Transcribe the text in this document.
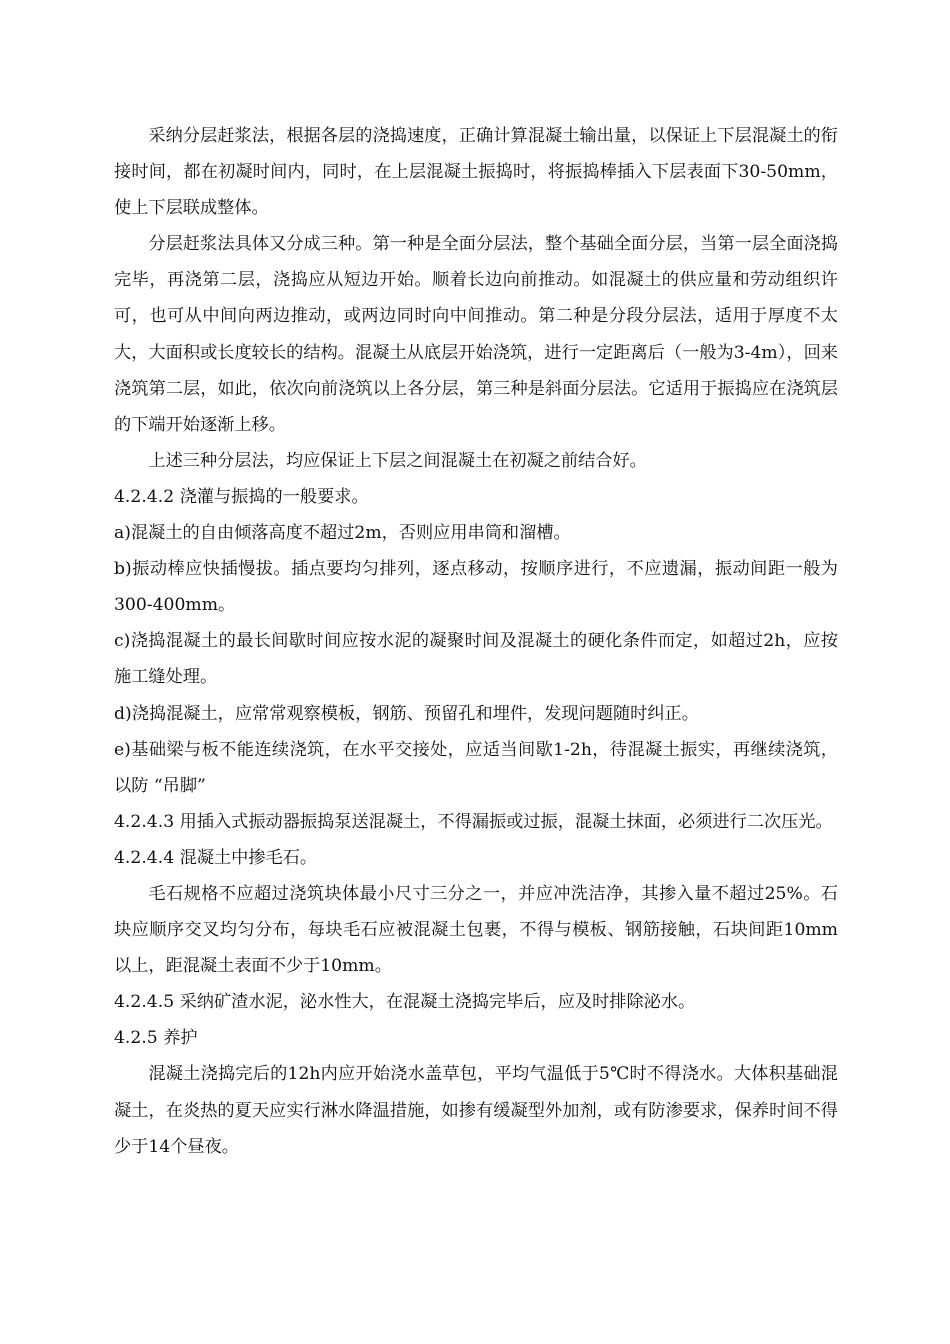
采纳分层赶浆法，根据各层的浇捣速度，正确计算混凝土输出量，以保证上下层混凝土的衔接时间，都在初凝时间内，同时，在上层混凝土振捣时，将振捣棒插入下层表面下30-50mm，使上下层联成整体。

分层赶浆法具体又分成三种。第一种是全面分层法，整个基础全面分层，当第一层全面浇捣完毕，再浇第二层，浇捣应从短边开始。顺着长边向前推动。如混凝土的供应量和劳动组织许可，也可从中间向两边推动，或两边同时向中间推动。第二种是分段分层法，适用于厚度不太大，大面积或长度较长的结构。混凝土从底层开始浇筑，进行一定距离后（一般为3-4m），回来浇筑第二层，如此，依次向前浇筑以上各分层，第三种是斜面分层法。它适用于振捣应在浇筑层的下端开始逐渐上移。

上述三种分层法，均应保证上下层之间混凝土在初凝之前结合好。

4.2.4.2 浇灌与振捣的一般要求。

a)混凝土的自由倾落高度不超过2m，否则应用串筒和溜槽。

b)振动棒应快插慢拔。插点要均匀排列，逐点移动，按顺序进行，不应遗漏，振动间距一般为300-400mm。

c)浇捣混凝土的最长间歇时间应按水泥的凝聚时间及混凝土的硬化条件而定，如超过2h，应按施工缝处理。

d)浇捣混凝土，应常常观察模板，钢筋、预留孔和埋件，发现问题随时纠正。

e)基础梁与板不能连续浇筑，在水平交接处，应适当间歇1-2h，待混凝土振实，再继续浇筑，以防 “吊脚”

4.2.4.3 用插入式振动器振捣泵送混凝土，不得漏振或过振，混凝土抹面，必须进行二次压光。

4.2.4.4 混凝土中掺毛石。

毛石规格不应超过浇筑块体最小尺寸三分之一，并应冲洗洁净，其掺入量不超过25%。石块应顺序交叉均匀分布，每块毛石应被混凝土包裹，不得与模板、钢筋接触，石块间距10mm以上，距混凝土表面不少于10mm。

4.2.4.5 采纳矿渣水泥，泌水性大，在混凝土浇捣完毕后，应及时排除泌水。

4.2.5 养护

混凝土浇捣完后的12h内应开始浇水盖草包，平均气温低于5℃时不得浇水。大体积基础混凝土，在炎热的夏天应实行淋水降温措施，如掺有缓凝型外加剂，或有防渗要求，保养时间不得少于14个昼夜。
